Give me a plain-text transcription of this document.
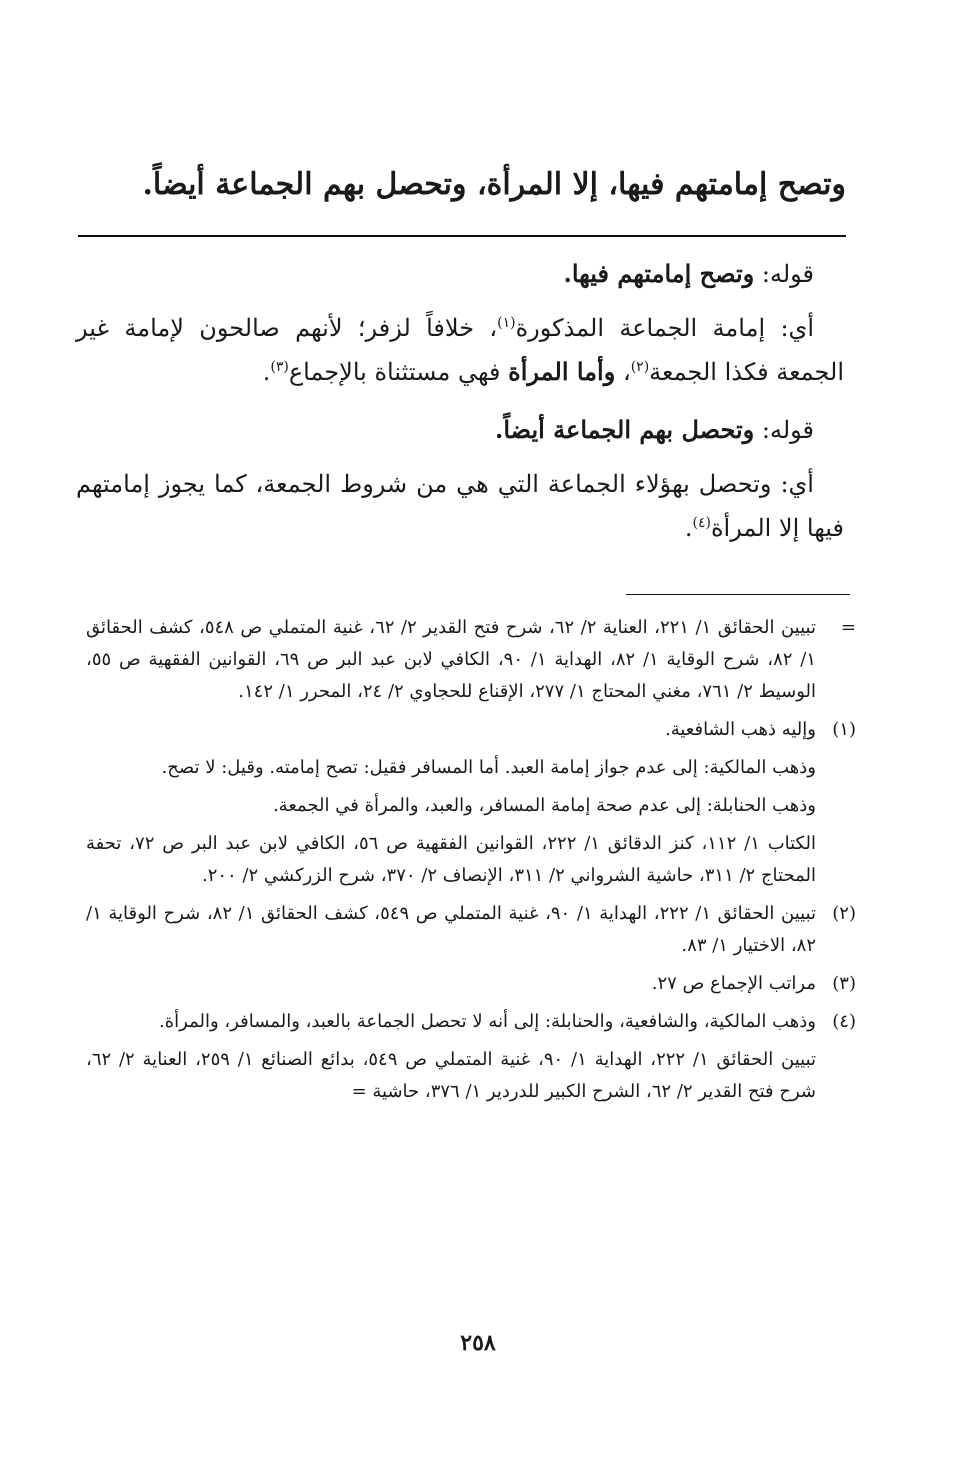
وتصح إمامتهم فيها، إلا المرأة، وتحصل بهم الجماعة أيضاً.

قوله: وتصح إمامتهم فيها.

أي: إمامة الجماعة المذكورة$^{(١)}$، خلافاً لزفر؛ لأنهم صالحون لإمامة غير الجمعة فكذا الجمعة$^{(٢)}$، وأما المرأة فهي مستثناة بالإجماع$^{(٣)}$.

قوله: وتحصل بهم الجماعة أيضاً.

أي: وتحصل بهؤلاء الجماعة التي هي من شروط الجمعة، كما يجوز إمامتهم فيها إلا المرأة$^{(٤)}$.

=
تبيين الحقائق ١/ ٢٢١، العناية ٢/ ٦٢، شرح فتح القدير ٢/ ٦٢، غنية المتملي ص ٥٤٨، كشف الحقائق ١/ ٨٢، شرح الوقاية ١/ ٨٢، الهداية ١/ ٩٠، الكافي لابن عبد البر ص ٦٩، القوانين الفقهية ص ٥٥، الوسيط ٢/ ٧٦١، مغني المحتاج ١/ ٢٧٧، الإقناع للحجاوي ٢/ ٢٤، المحرر ١/ ١٤٢.
(١)
وإليه ذهب الشافعية.
وذهب المالكية: إلى عدم جواز إمامة العبد. أما المسافر فقيل: تصح إمامته. وقيل: لا تصح.
وذهب الحنابلة: إلى عدم صحة إمامة المسافر، والعبد، والمرأة في الجمعة.
الكتاب ١/ ١١٢، كنز الدقائق ١/ ٢٢٢، القوانين الفقهية ص ٥٦، الكافي لابن عبد البر ص ٧٢، تحفة المحتاج ٢/ ٣١١، حاشية الشرواني ٢/ ٣١١، الإنصاف ٢/ ٣٧٠، شرح الزركشي ٢/ ٢٠٠.
(٢)
تبيين الحقائق ١/ ٢٢٢، الهداية ١/ ٩٠، غنية المتملي ص ٥٤٩، كشف الحقائق ١/ ٨٢، شرح الوقاية ١/ ٨٢، الاختيار ١/ ٨٣.
(٣)
مراتب الإجماع ص ٢٧.
(٤)
وذهب المالكية، والشافعية، والحنابلة: إلى أنه لا تحصل الجماعة بالعبد، والمسافر، والمرأة.
تبيين الحقائق ١/ ٢٢٢، الهداية ١/ ٩٠، غنية المتملي ص ٥٤٩، بدائع الصنائع ١/ ٢٥٩، العناية ٢/ ٦٢، شرح فتح القدير ٢/ ٦٢، الشرح الكبير للدردير ١/ ٣٧٦، حاشية =
٢٥٨
